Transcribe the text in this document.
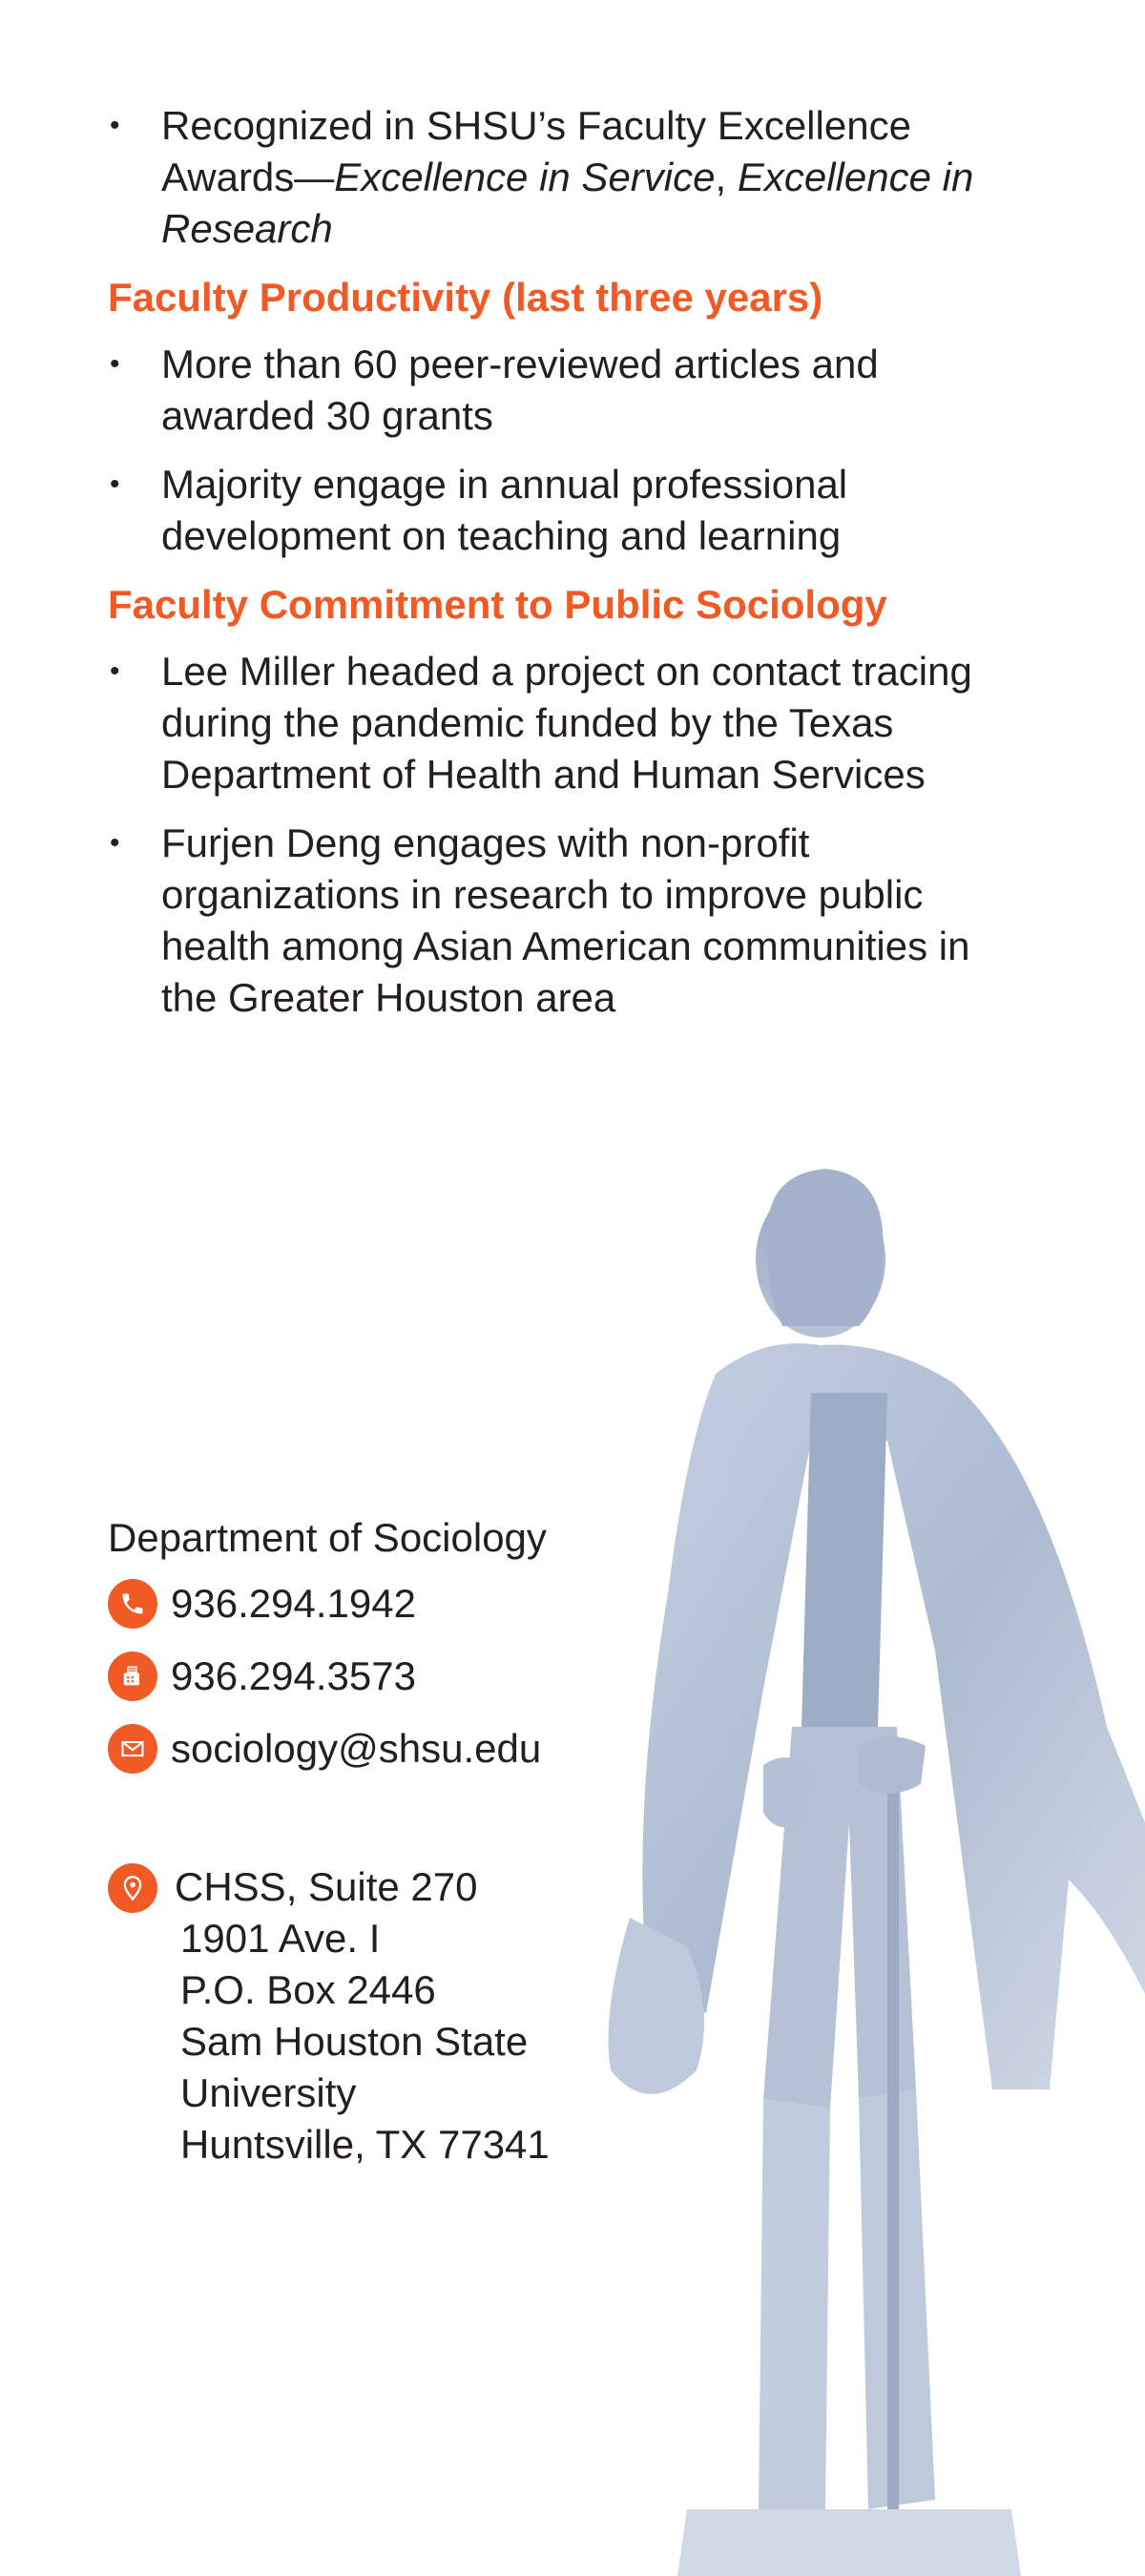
• Recognized in SHSU’s Faculty Excellence Awards—Excellence in Service, Excellence in Research
Faculty Productivity (last three years)
• More than 60 peer-reviewed articles and awarded 30 grants
• Majority engage in annual professional development on teaching and learning
Faculty Commitment to Public Sociology
• Lee Miller headed a project on contact tracing during the pandemic funded by the Texas Department of Health and Human Services
• Furjen Deng engages with non-profit organizations in research to improve public health among Asian American communities in the Greater Houston area
Department of Sociology
936.294.1942
936.294.3573
sociology@shsu.edu
CHSS, Suite 270
1901 Ave. I
P.O. Box 2446
Sam Houston State
University
Huntsville, TX 77341
